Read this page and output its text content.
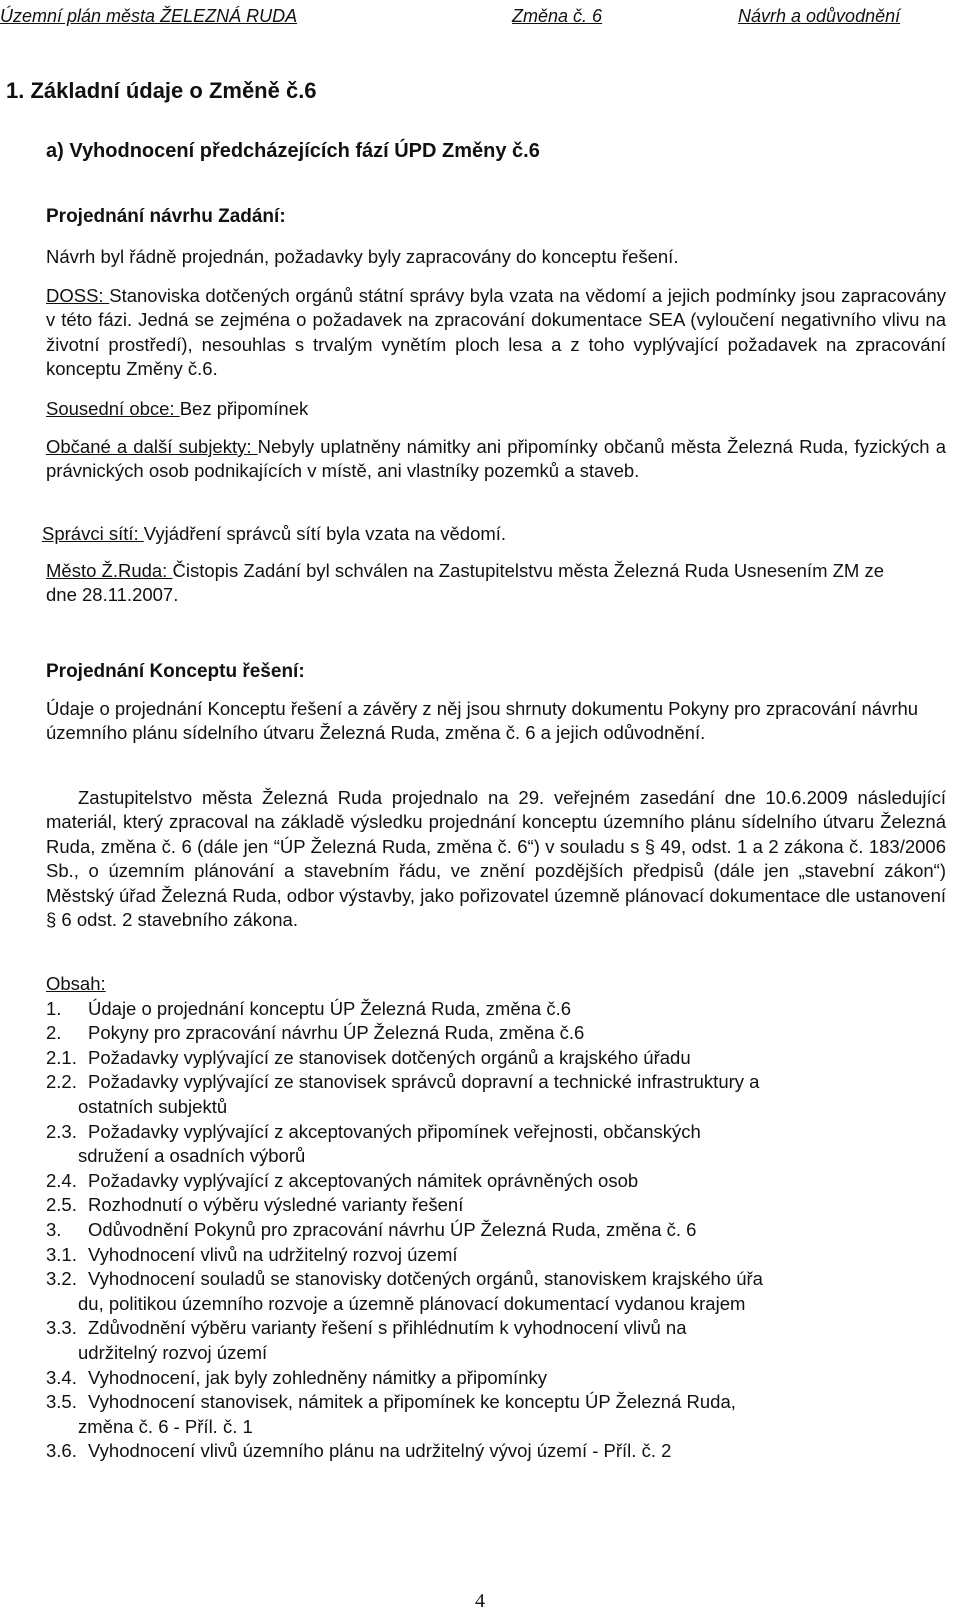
Územní plán města ŽELEZNÁ RUDA	Změna č. 6	Návrh a odůvodnění
1. Základní údaje o Změně č.6
a) Vyhodnocení předcházejících fází ÚPD Změny č.6
Projednání návrhu Zadání:
Návrh byl řádně projednán, požadavky byly zapracovány do konceptu řešení.
DOSS: Stanoviska dotčených orgánů státní správy byla vzata na vědomí a jejich podmínky jsou zapracovány v této fázi. Jedná se zejména o požadavek na zpracování dokumentace SEA (vyloučení negativního vlivu na životní prostředí), nesouhlas s trvalým vynětím ploch lesa a z toho vyplývající požadavek na zpracování konceptu Změny č.6.
Sousední obce: Bez připomínek
Občané a další subjekty: Nebyly uplatněny námitky ani připomínky občanů města Železná Ruda, fyzických a právnických osob podnikajících v místě, ani vlastníky pozemků a staveb.
Správci sítí: Vyjádření správců sítí byla vzata na vědomí.
Město Ž.Ruda: Čistopis Zadání byl schválen na Zastupitelstvu města Železná Ruda Usnesením ZM ze dne 28.11.2007.
Projednání Konceptu řešení:
Údaje o projednání Konceptu řešení a závěry z něj jsou shrnuty dokumentu Pokyny pro zpracování návrhu územního plánu sídelního útvaru Železná Ruda, změna č. 6 a jejich odůvodnění.
Zastupitelstvo města Železná Ruda projednalo na 29. veřejném zasedání dne 10.6.2009 následující materiál, který zpracoval na základě výsledku projednání konceptu územního plánu sídelního útvaru Železná Ruda, změna č. 6 (dále jen “ÚP Železná Ruda, změna č. 6“) v souladu s § 49, odst. 1 a 2 zákona č. 183/2006 Sb., o územním plánování a stavebním řádu, ve znění pozdějších předpisů (dále jen „stavební zákon“) Městský úřad Železná Ruda, odbor výstavby, jako pořizovatel územně plánovací dokumentace dle ustanovení § 6 odst. 2 stavebního zákona.
Obsah:
1. Údaje o projednání konceptu ÚP Železná Ruda, změna č.6
2. Pokyny pro zpracování návrhu ÚP Železná Ruda, změna č.6
2.1. Požadavky vyplývající ze stanovisek dotčených orgánů a krajského úřadu
2.2. Požadavky vyplývající ze stanovisek správců dopravní a technické infrastruktury a
ostatních subjektů
2.3. Požadavky vyplývající z akceptovaných připomínek veřejnosti, občanských
sdružení a osadních výborů
2.4. Požadavky vyplývající z akceptovaných námitek oprávněných osob
2.5. Rozhodnutí o výběru výsledné varianty řešení
3. Odůvodnění Pokynů pro zpracování návrhu ÚP Železná Ruda, změna č. 6
3.1. Vyhodnocení vlivů na udržitelný rozvoj území
3.2. Vyhodnocení souladů se stanovisky dotčených orgánů, stanoviskem krajského úřa
du, politikou územního rozvoje a územně plánovací dokumentací vydanou krajem
3.3. Zdůvodnění výběru varianty řešení s přihlédnutím k vyhodnocení vlivů na
udržitelný rozvoj území
3.4. Vyhodnocení, jak byly zohledněny námitky a připomínky
3.5. Vyhodnocení stanovisek, námitek a připomínek ke konceptu ÚP Železná Ruda,
změna č. 6 - Příl. č. 1
3.6. Vyhodnocení vlivů územního plánu na udržitelný vývoj území - Příl. č. 2
4
